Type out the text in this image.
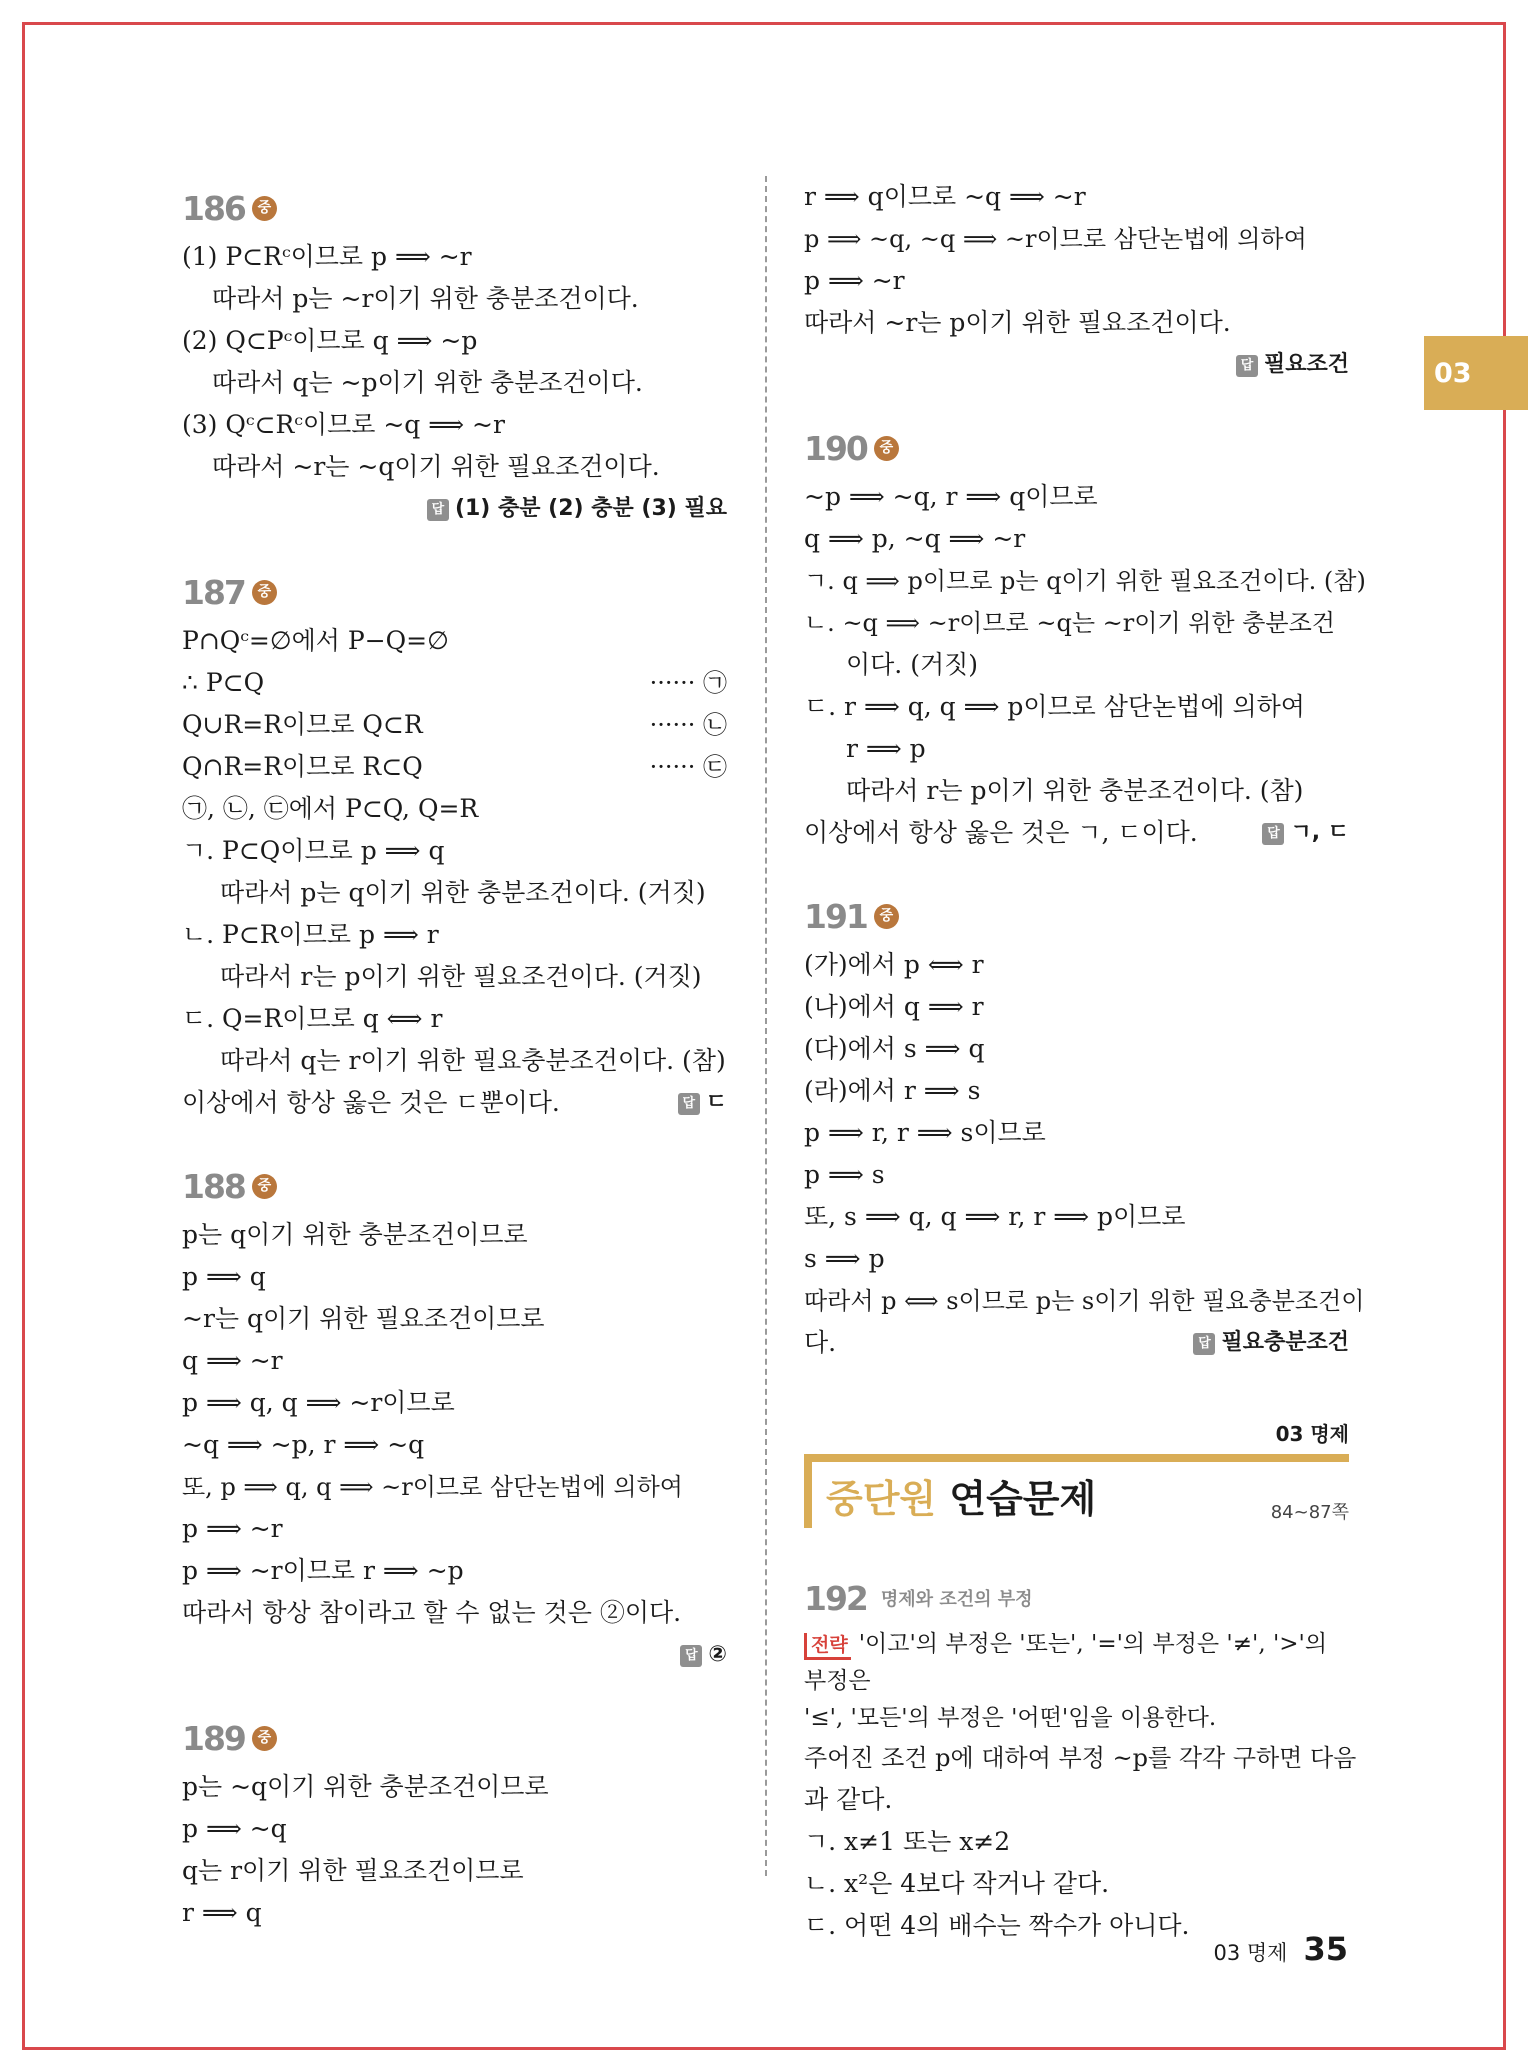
03
186 중
(1) P⊂Rᶜ이므로 p ⟹ ~r
따라서 p는 ~r이기 위한 충분조건이다.
(2) Q⊂Pᶜ이므로 q ⟹ ~p
따라서 q는 ~p이기 위한 충분조건이다.
(3) Qᶜ⊂Rᶜ이므로 ~q ⟹ ~r
따라서 ~r는 ~q이기 위한 필요조건이다.
답 (1) 충분 (2) 충분 (3) 필요
187 중
P∩Qᶜ=∅에서 P−Q=∅
∴ P⊂Q	······ ㉠
Q∪R=R이므로 Q⊂R	······ ㉡
Q∩R=R이므로 R⊂Q	······ ㉢
㉠, ㉡, ㉢에서 P⊂Q, Q=R
ㄱ. P⊂Q이므로 p ⟹ q
따라서 p는 q이기 위한 충분조건이다. (거짓)
ㄴ. P⊂R이므로 p ⟹ r
따라서 r는 p이기 위한 필요조건이다. (거짓)
ㄷ. Q=R이므로 q ⟺ r
따라서 q는 r이기 위한 필요충분조건이다. (참)
이상에서 항상 옳은 것은 ㄷ뿐이다.	답 ㄷ
188 중
p는 q이기 위한 충분조건이므로
p ⟹ q
~r는 q이기 위한 필요조건이므로
q ⟹ ~r
p ⟹ q, q ⟹ ~r이므로
~q ⟹ ~p, r ⟹ ~q
또, p ⟹ q, q ⟹ ~r이므로 삼단논법에 의하여
p ⟹ ~r
p ⟹ ~r이므로 r ⟹ ~p
따라서 항상 참이라고 할 수 없는 것은 ②이다.
답 ②
189 중
p는 ~q이기 위한 충분조건이므로
p ⟹ ~q
q는 r이기 위한 필요조건이므로
r ⟹ q
r ⟹ q이므로 ~q ⟹ ~r
p ⟹ ~q, ~q ⟹ ~r이므로 삼단논법에 의하여
p ⟹ ~r
따라서 ~r는 p이기 위한 필요조건이다.
답 필요조건
190 중
~p ⟹ ~q, r ⟹ q이므로
q ⟹ p, ~q ⟹ ~r
ㄱ. q ⟹ p이므로 p는 q이기 위한 필요조건이다. (참)
ㄴ. ~q ⟹ ~r이므로 ~q는 ~r이기 위한 충분조건
이다. (거짓)
ㄷ. r ⟹ q, q ⟹ p이므로 삼단논법에 의하여
r ⟹ p
따라서 r는 p이기 위한 충분조건이다. (참)
이상에서 항상 옳은 것은 ㄱ, ㄷ이다.	답 ㄱ, ㄷ
191 중
(가)에서 p ⟺ r
(나)에서 q ⟹ r
(다)에서 s ⟹ q
(라)에서 r ⟹ s
p ⟹ r, r ⟹ s이므로
p ⟹ s
또, s ⟹ q, q ⟹ r, r ⟹ p이므로
s ⟹ p
따라서 p ⟺ s이므로 p는 s이기 위한 필요충분조건이
다.	답 필요충분조건
03 명제
중단원 연습문제	84~87쪽
192 명제와 조건의 부정
전략 '이고'의 부정은 '또는', '='의 부정은 '≠', '>'의 부정은
'≤', '모든'의 부정은 '어떤'임을 이용한다.
주어진 조건 p에 대하여 부정 ~p를 각각 구하면 다음
과 같다.
ㄱ. x≠1 또는 x≠2
ㄴ. x²은 4보다 작거나 같다.
ㄷ. 어떤 4의 배수는 짝수가 아니다.
03 명제 35
